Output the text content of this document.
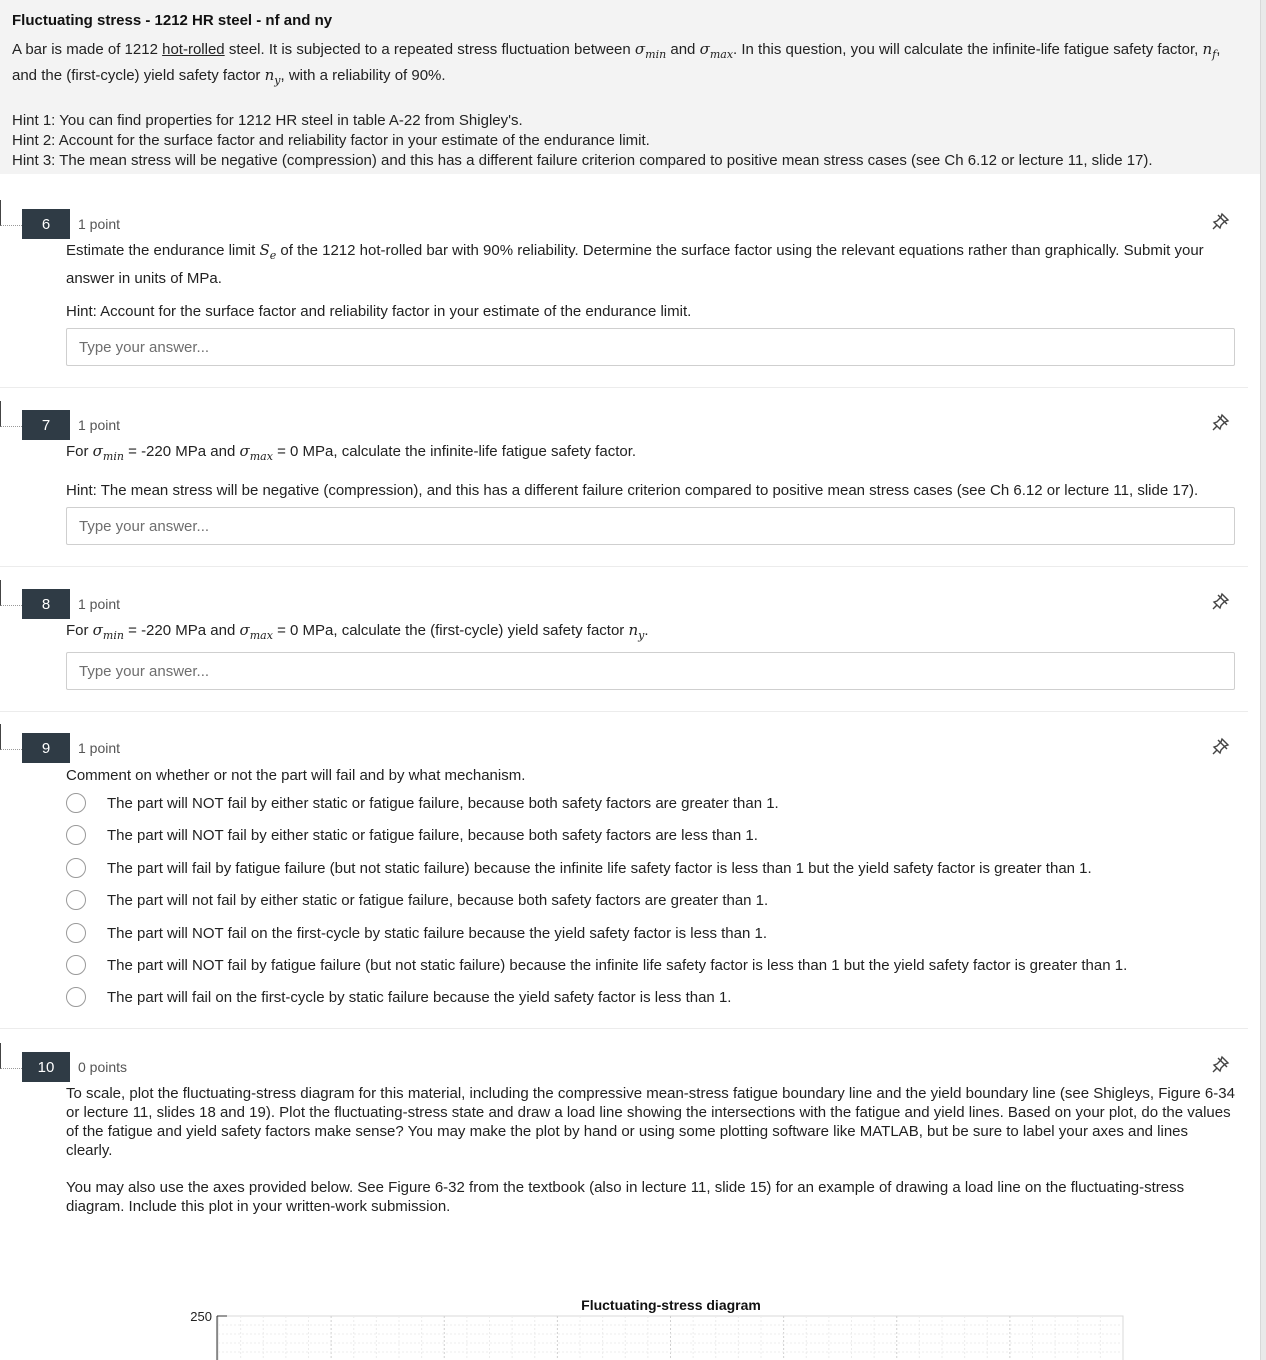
Fluctuating stress - 1212 HR steel - nf and ny

A bar is made of 1212 hot-rolled steel. It is subjected to a repeated stress fluctuation between $\sigma_{min}$ and $\sigma_{max}$. In this question, you will calculate the infinite-life fatigue safety factor, $n_f$, and the (first-cycle) yield safety factor $n_y$, with a reliability of 90%.

Hint 1: You can find properties for 1212 HR steel in table A-22 from Shigley's.

Hint 2: Account for the surface factor and reliability factor in your estimate of the endurance limit.

Hint 3: The mean stress will be negative (compression) and this has a different failure criterion compared to positive mean stress cases (see Ch 6.12 or lecture 11, slide 17).

6	1 point
Estimate the endurance limit $S_e$ of the 1212 hot-rolled bar with 90% reliability. Determine the surface factor using the relevant equations rather than graphically. Submit your answer in units of MPa.
Hint: Account for the surface factor and reliability factor in your estimate of the endurance limit.
Type your answer...
7	1 point
For $\sigma_{min} = -220$ MPa and $\sigma_{max} = 0$ MPa, calculate the infinite-life fatigue safety factor.
Hint: The mean stress will be negative (compression), and this has a different failure criterion compared to positive mean stress cases (see Ch 6.12 or lecture 11, slide 17).
Type your answer...
8	1 point
For $\sigma_{min} = -220$ MPa and $\sigma_{max} = 0$ MPa, calculate the (first-cycle) yield safety factor $n_y$.
Type your answer...
9	1 point
Comment on whether or not the part will fail and by what mechanism.
The part will NOT fail by either static or fatigue failure, because both safety factors are greater than 1.
The part will NOT fail by either static or fatigue failure, because both safety factors are less than 1.
The part will fail by fatigue failure (but not static failure) because the infinite life safety factor is less than 1 but the yield safety factor is greater than 1.
The part will not fail by either static or fatigue failure, because both safety factors are greater than 1.
The part will NOT fail on the first-cycle by static failure because the yield safety factor is less than 1.
The part will NOT fail by fatigue failure (but not static failure) because the infinite life safety factor is less than 1 but the yield safety factor is greater than 1.
The part will fail on the first-cycle by static failure because the yield safety factor is less than 1.
10	0 points
To scale, plot the fluctuating-stress diagram for this material, including the compressive mean-stress fatigue boundary line and the yield boundary line (see Shigleys, Figure 6-34 or lecture 11, slides 18 and 19). Plot the fluctuating-stress state and draw a load line showing the intersections with the fatigue and yield lines. Based on your plot, do the values of the fatigue and yield safety factors make sense? You may make the plot by hand or using some plotting software like MATLAB, but be sure to label your axes and lines clearly.
You may also use the axes provided below. See Figure 6-32 from the textbook (also in lecture 11, slide 15) for an example of drawing a load line on the fluctuating-stress diagram. Include this plot in your written-work submission.
Fluctuating-stress diagram
250
